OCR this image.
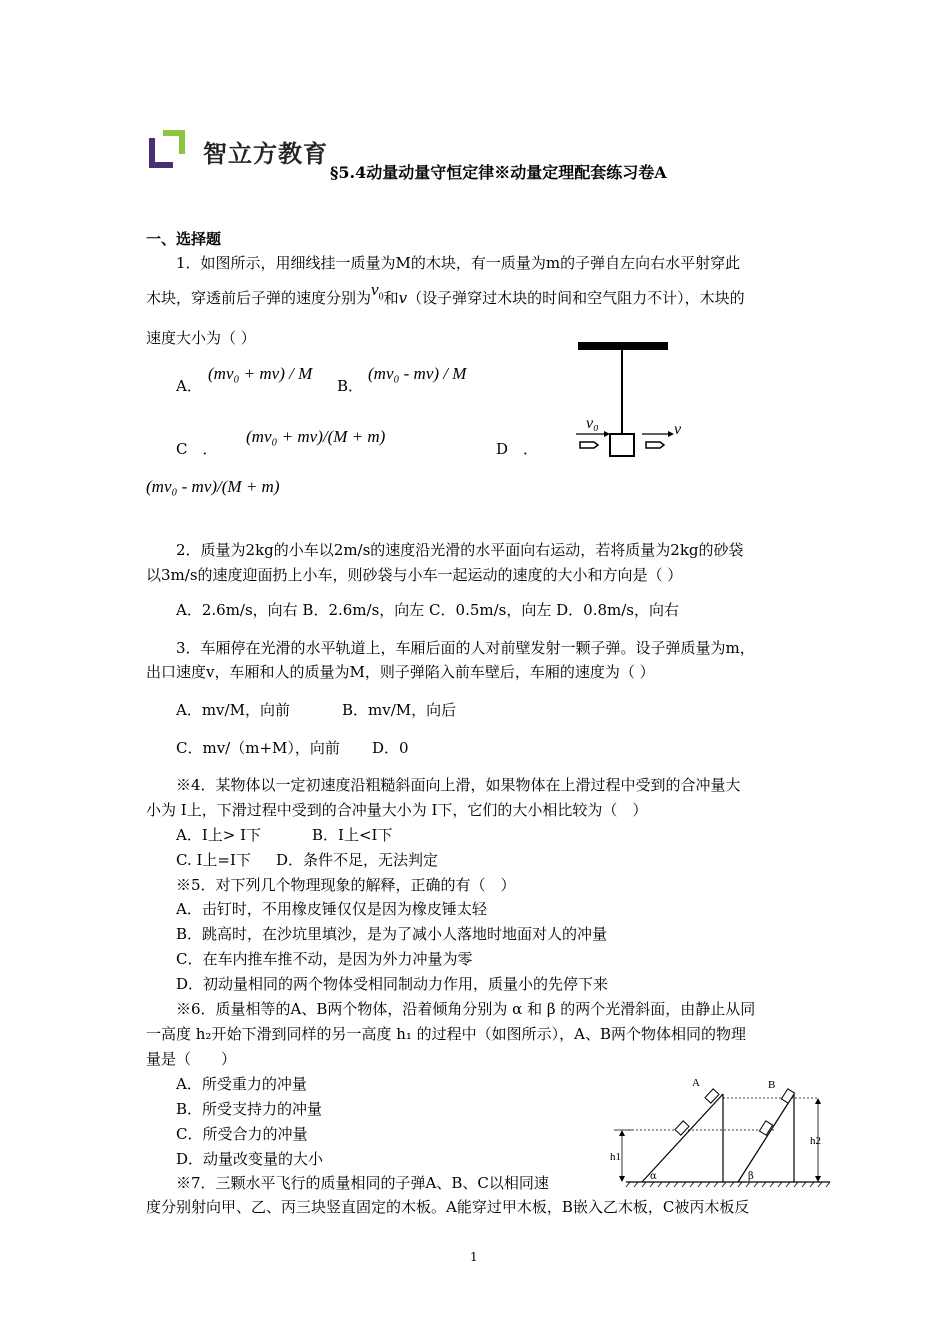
智立方教育
§5.4动量动量守恒定律※动量定理配套练习卷A
一、选择题
1．如图所示，用细线挂一质量为M的木块，有一质量为m的子弹自左向右水平射穿此
木块，穿透前后子弹的速度分别为$v_0$和v（设子弹穿过木块的时间和空气阻力不计），木块的
速度大小为（ ）
A．
(mv₀ + mv) / M
B．
(mv₀ - mv) / M
C　．
(mv₀ + mv)/(M + m)
D　．
(mv₀ - mv)/(M + m)
v₀	v
2．质量为2kg的小车以2m/s的速度沿光滑的水平面向右运动，若将质量为2kg的砂袋
以3m/s的速度迎面扔上小车，则砂袋与小车一起运动的速度的大小和方向是（ ）
A．2.6m/s，向右 B．2.6m/s，向左 C．0.5m/s，向左 D．0.8m/s，向右
3．车厢停在光滑的水平轨道上，车厢后面的人对前壁发射一颗子弹。设子弹质量为m，
出口速度v，车厢和人的质量为M，则子弹陷入前车壁后，车厢的速度为（ ）
A．mv/M，向前	B．mv/M，向后
C．mv/（m+M），向前 D．0
※4．某物体以一定初速度沿粗糙斜面向上滑，如果物体在上滑过程中受到的合冲量大
小为 I上，下滑过程中受到的合冲量大小为 I下，它们的大小相比较为（　）
A．I上> I下	B．I上<I下
C. I上=I下 D．条件不足，无法判定
※5．对下列几个物理现象的解释，正确的有（　）
A．击钉时，不用橡皮锤仅仅是因为橡皮锤太轻
B．跳高时，在沙坑里填沙，是为了减小人落地时地面对人的冲量
C．在车内推车推不动，是因为外力冲量为零
D．初动量相同的两个物体受相同制动力作用，质量小的先停下来
※6．质量相等的A、B两个物体，沿着倾角分别为 α 和 β 的两个光滑斜面，由静止从同
一高度 h₂开始下滑到同样的另一高度 h₁ 的过程中（如图所示），A、B两个物体相同的物理
量是（　　）
A．所受重力的冲量
B．所受支持力的冲量
C．所受合力的冲量
D．动量改变量的大小
A	B
h1
h2
α	β
※7．三颗水平飞行的质量相同的子弹A、B、C以相同速
度分别射向甲、乙、丙三块竖直固定的木板。A能穿过甲木板，B嵌入乙木板，C被丙木板反
1
